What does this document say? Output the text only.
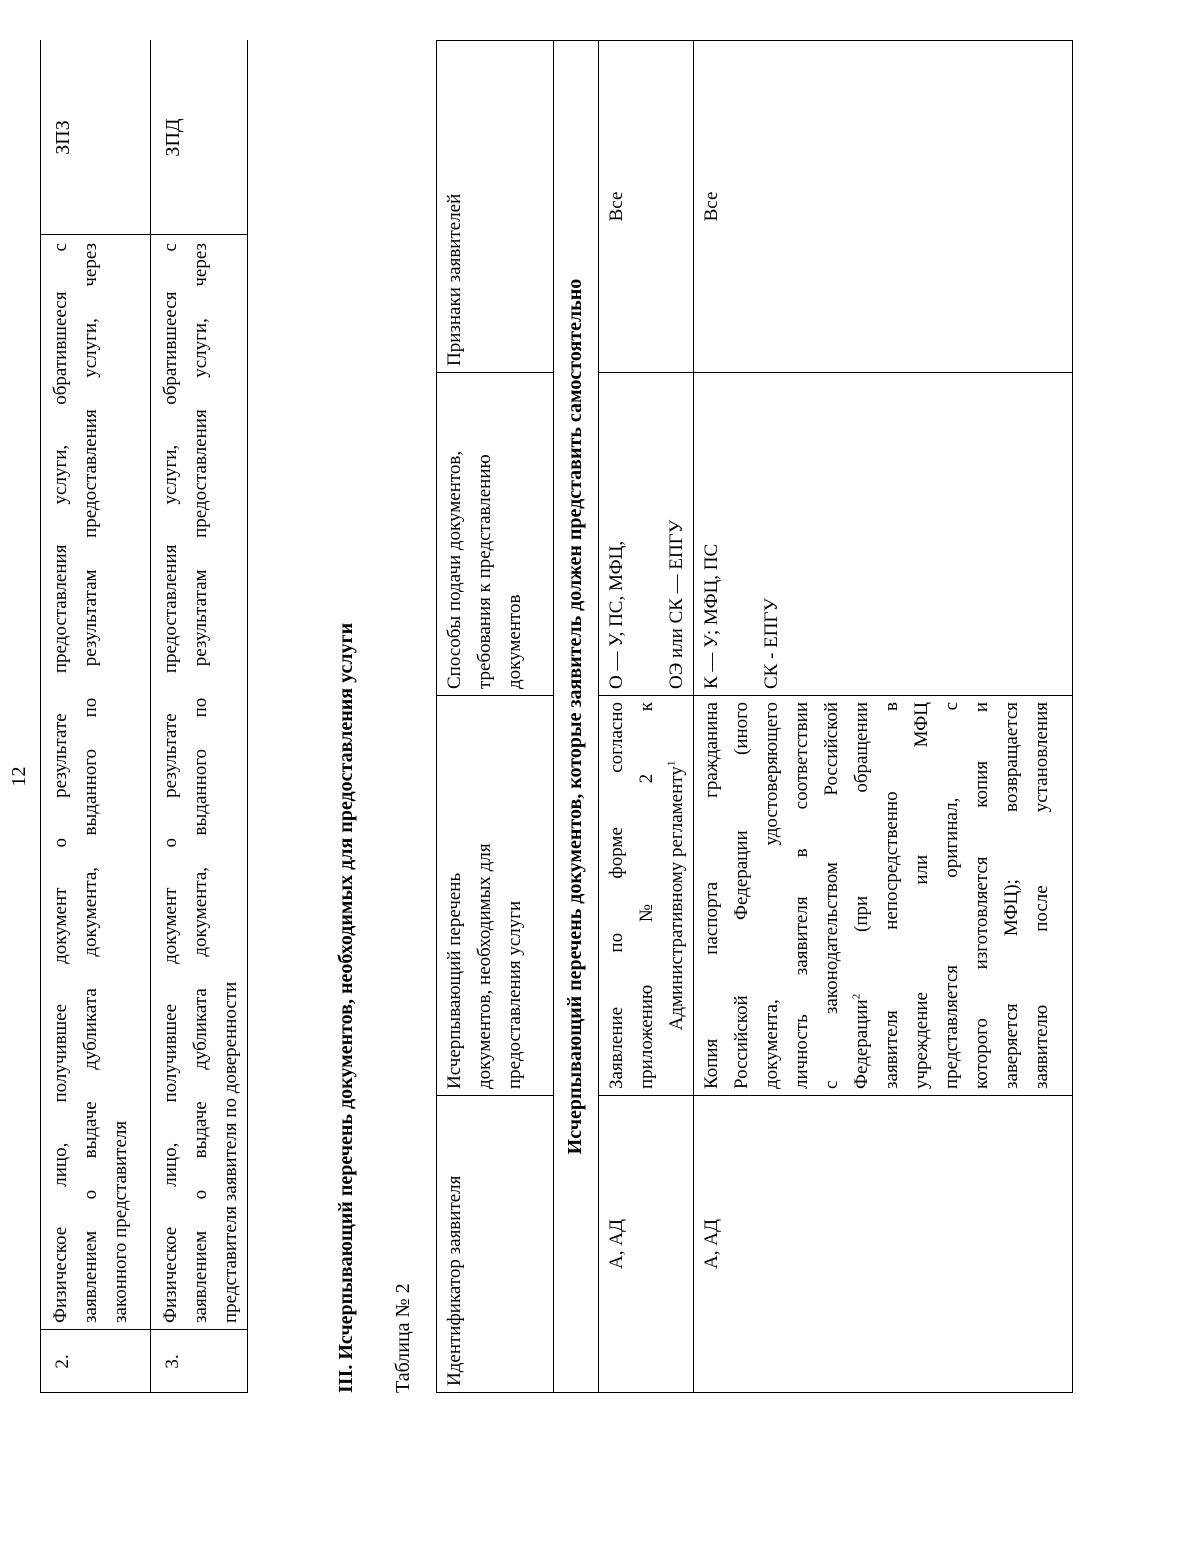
12
2.
Физическое лицо, получившее документ о результате предоставления услуги, обратившееся с заявлением о выдаче дубликата документа, выданного по результатам предоставления услуги, через законного представителя
ЗПЗ
3.
Физическое лицо, получившее документ о результате предоставления услуги, обратившееся с заявлением о выдаче дубликата документа, выданного по результатам предоставления услуги, через представителя заявителя по доверенности
ЗПД
III. Исчерпывающий перечень документов, необходимых для предоставления услуги Таблица № 2	Идентификатор заявителя
Исчерпывающий перечень документов, необходимых для предоставления услуги
Способы подачи документов, требования к представлению документов
Признаки заявителей	Исчерпывающий перечень документов, которые заявитель должен представить самостоятельно
А, АД
Заявление по форме согласно приложению № 2 к Административному регламенту$^1$
О — У, ПС, МФЦ, ОЭ или СК — ЕПГУ
Все
А, АД
Копия паспорта гражданина Российской Федерации (иного документа, удостоверяющего личность заявителя в соответствии с законодательством Российской Федерации$^2$
(при обращении заявителя непосредственно в учреждение или МФЦ представляется оригинал, с которого изготовляется копия и заверяется МФЦ); возвращается заявителю после установления
К — У; МФЦ, ПС СК - ЕПГУ
Все
